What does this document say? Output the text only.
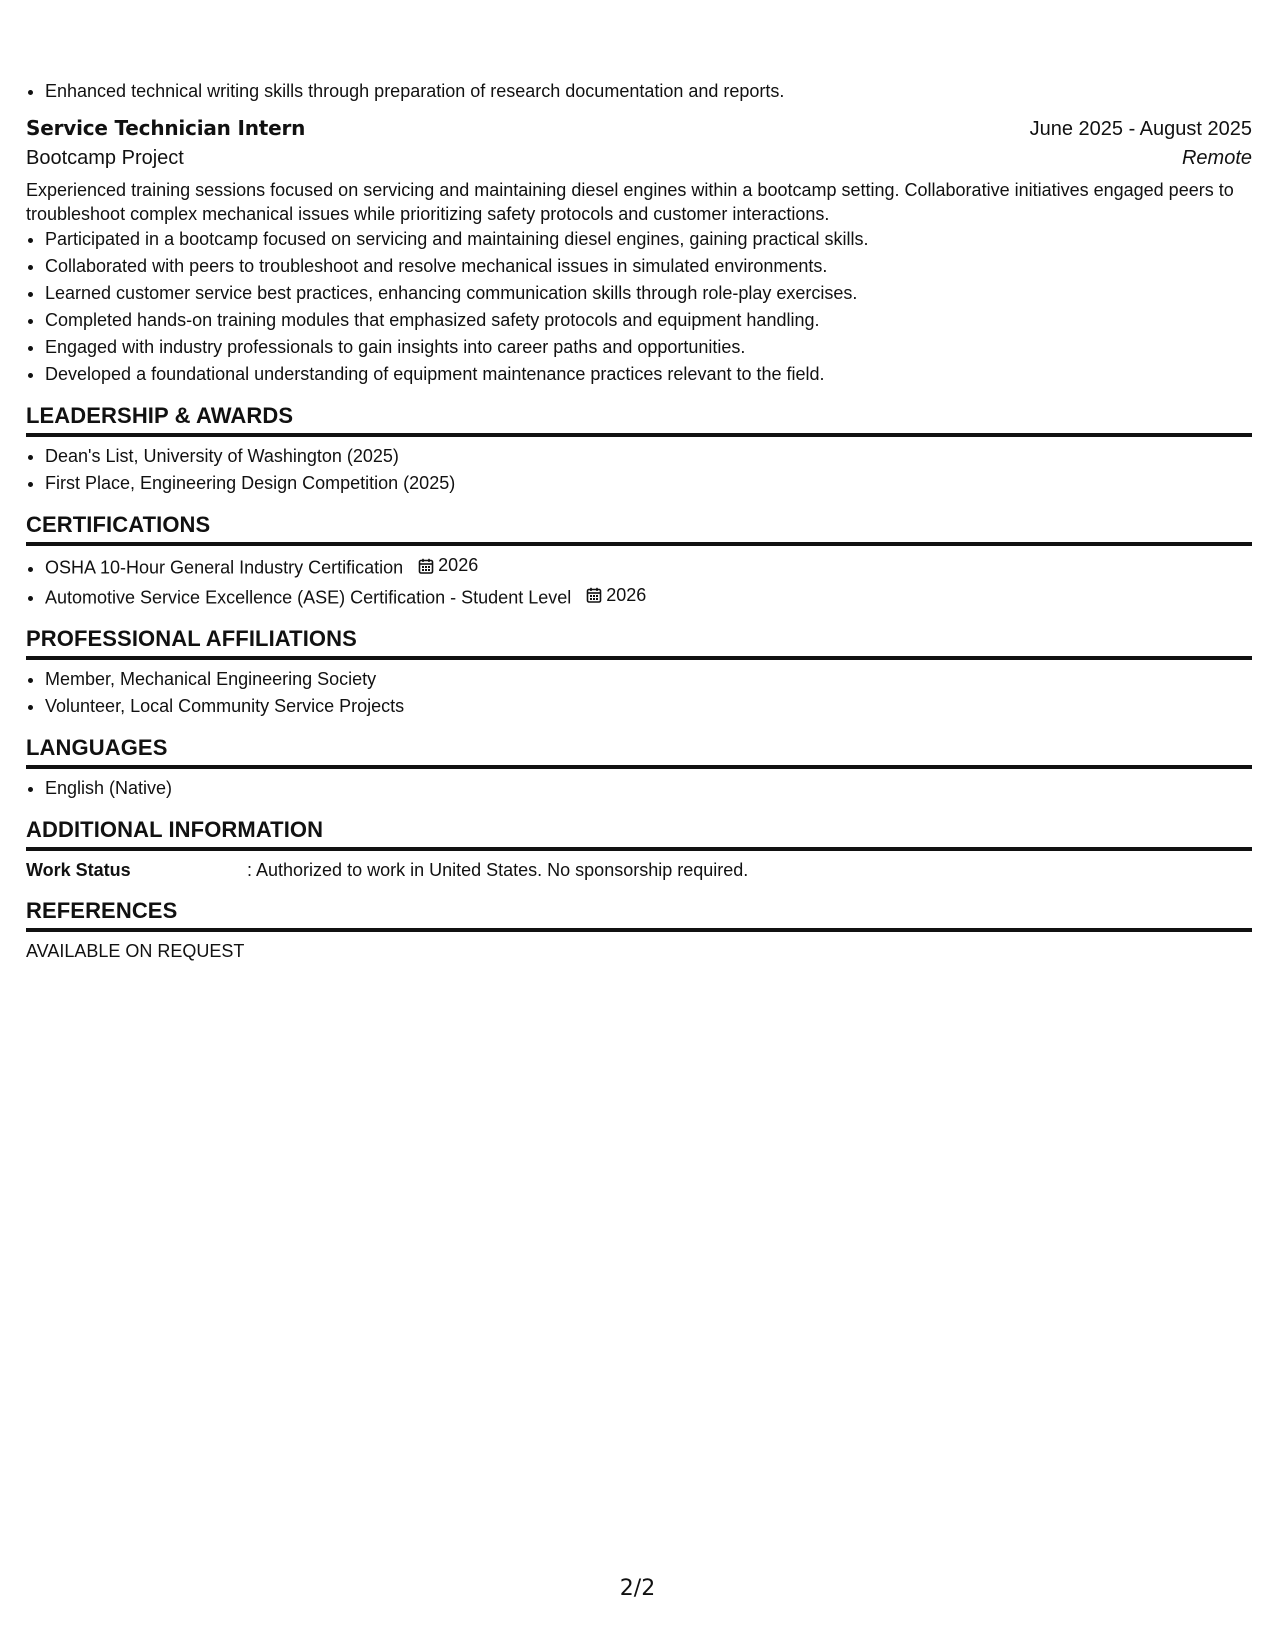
• Enhanced technical writing skills through preparation of research documentation and reports.
Service Technician Intern	June 2025 - August 2025
Bootcamp Project	Remote
Experienced training sessions focused on servicing and maintaining diesel engines within a bootcamp setting. Collaborative initiatives engaged peers to troubleshoot complex mechanical issues while prioritizing safety protocols and customer interactions.
• Participated in a bootcamp focused on servicing and maintaining diesel engines, gaining practical skills.
• Collaborated with peers to troubleshoot and resolve mechanical issues in simulated environments.
• Learned customer service best practices, enhancing communication skills through role-play exercises.
• Completed hands-on training modules that emphasized safety protocols and equipment handling.
• Engaged with industry professionals to gain insights into career paths and opportunities.
• Developed a foundational understanding of equipment maintenance practices relevant to the field.
LEADERSHIP & AWARDS
• Dean's List, University of Washington (2025)
• First Place, Engineering Design Competition (2025)
CERTIFICATIONS
• OSHA 10-Hour General Industry Certification 2026
• Automotive Service Excellence (ASE) Certification - Student Level 2026
PROFESSIONAL AFFILIATIONS
• Member, Mechanical Engineering Society
• Volunteer, Local Community Service Projects
LANGUAGES
• English (Native)
ADDITIONAL INFORMATION
Work Status	: Authorized to work in United States. No sponsorship required.
REFERENCES
AVAILABLE ON REQUEST
2/2
